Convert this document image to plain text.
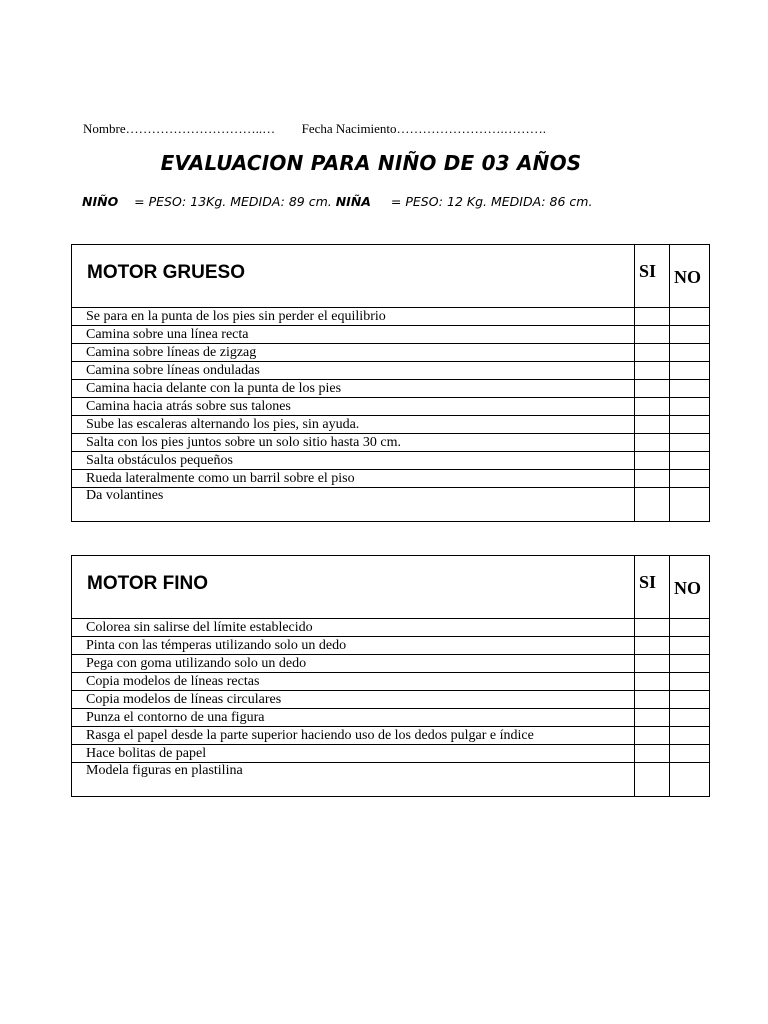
Nombre…………………………..… Fecha Nacimiento…………………….……….
EVALUACION PARA NIÑO DE 03 AÑOS
NIÑO = PESO: 13Kg. MEDIDA: 89 cm. NIÑA = PESO: 12 Kg. MEDIDA: 86 cm.
MOTOR GRUESO	SI	NO

Se para en la punta de los pies sin perder el equilibrio		
Camina sobre una línea recta		
Camina sobre líneas de zigzag		
Camina sobre líneas onduladas		
Camina hacia delante con la punta de los pies		
Camina hacia atrás sobre sus talones		
Sube las escaleras alternando los pies, sin ayuda.		
Salta con los pies juntos sobre un solo sitio hasta 30 cm.		
Salta obstáculos pequeños		
Rueda lateralmente como un barril sobre el piso		
Da volantines		
MOTOR FINO	SI	NO

Colorea sin salirse del límite establecido		
Pinta con las témperas utilizando solo un dedo		
Pega con goma utilizando solo un dedo		
Copia modelos de líneas rectas		
Copia modelos de líneas circulares		
Punza el contorno de una figura		
Rasga el papel desde la parte superior haciendo uso de los dedos pulgar e índice		
Hace bolitas de papel		
Modela figuras en plastilina		
